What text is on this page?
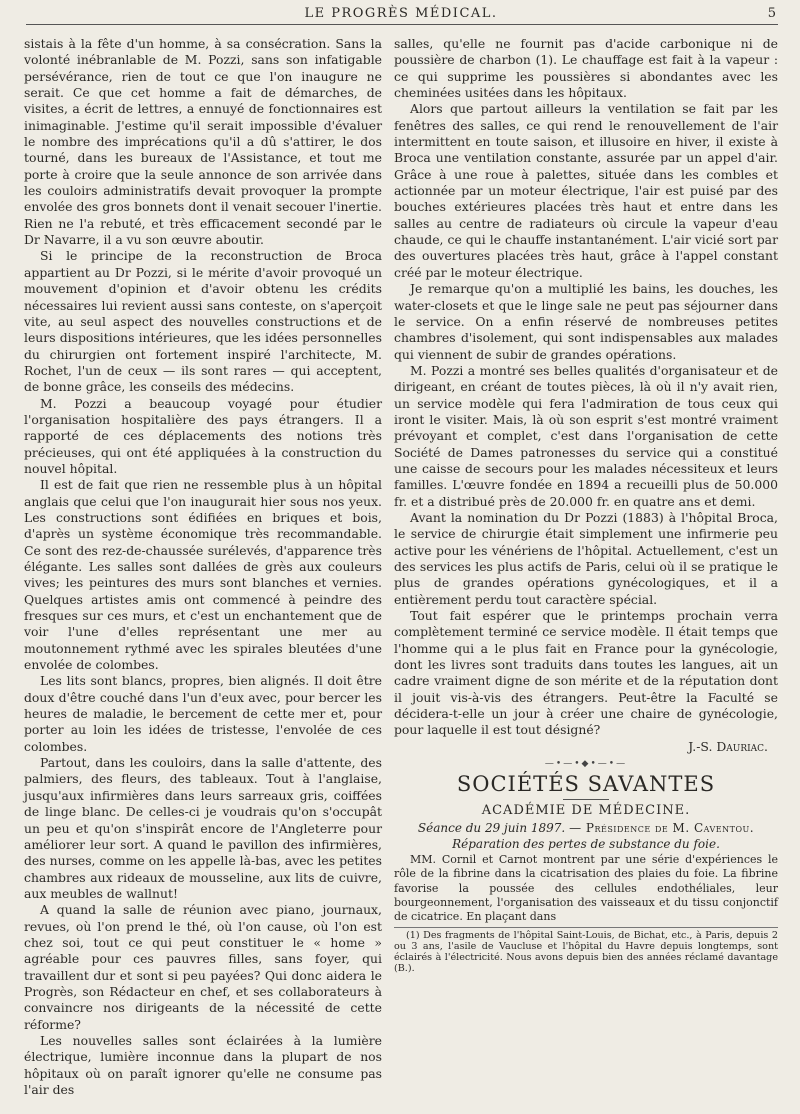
LE PROGRÈS MÉDICAL.	5

sistais à la fête d'un homme, à sa consécration. Sans la volonté inébranlable de M. Pozzi, sans son infatigable persévérance, rien de tout ce que l'on inaugure ne serait. Ce que cet homme a fait de démarches, de visites, a écrit de lettres, a ennuyé de fonctionnaires est inimaginable. J'estime qu'il serait impossible d'évaluer le nombre des imprécations qu'il a dû s'attirer, le dos tourné, dans les bureaux de l'Assistance, et tout me porte à croire que la seule annonce de son arrivée dans les couloirs administratifs devait provoquer la prompte envolée des gros bonnets dont il venait secouer l'inertie. Rien ne l'a rebuté, et très efficacement secondé par le Dr Navarre, il a vu son œuvre aboutir.

Si le principe de la reconstruction de Broca appartient au Dr Pozzi, si le mérite d'avoir provoqué un mouvement d'opinion et d'avoir obtenu les crédits nécessaires lui revient aussi sans conteste, on s'aperçoit vite, au seul aspect des nouvelles constructions et de leurs dispositions intérieures, que les idées personnelles du chirurgien ont fortement inspiré l'architecte, M. Rochet, l'un de ceux — ils sont rares — qui acceptent, de bonne grâce, les conseils des médecins.

M. Pozzi a beaucoup voyagé pour étudier l'organisation hospitalière des pays étrangers. Il a rapporté de ces déplacements des notions très précieuses, qui ont été appliquées à la construction du nouvel hôpital.

Il est de fait que rien ne ressemble plus à un hôpital anglais que celui que l'on inaugurait hier sous nos yeux. Les constructions sont édifiées en briques et bois, d'après un système économique très recommandable. Ce sont des rez-de-chaussée surélevés, d'apparence très élégante. Les salles sont dallées de grès aux couleurs vives; les peintures des murs sont blanches et vernies. Quelques artistes amis ont commencé à peindre des fresques sur ces murs, et c'est un enchantement que de voir l'une d'elles représentant une mer au moutonnement rythmé avec les spirales bleutées d'une envolée de colombes.

Les lits sont blancs, propres, bien alignés. Il doit être doux d'être couché dans l'un d'eux avec, pour bercer les heures de maladie, le bercement de cette mer et, pour porter au loin les idées de tristesse, l'envolée de ces colombes.

Partout, dans les couloirs, dans la salle d'attente, des palmiers, des fleurs, des tableaux. Tout à l'anglaise, jusqu'aux infirmières dans leurs sarreaux gris, coiffées de linge blanc. De celles-ci je voudrais qu'on s'occupât un peu et qu'on s'inspirât encore de l'Angleterre pour améliorer leur sort. A quand le pavillon des infirmières, des nurses, comme on les appelle là-bas, avec les petites chambres aux rideaux de mousseline, aux lits de cuivre, aux meubles de wallnut!

A quand la salle de réunion avec piano, journaux, revues, où l'on prend le thé, où l'on cause, où l'on est chez soi, tout ce qui peut constituer le « home » agréable pour ces pauvres filles, sans foyer, qui travaillent dur et sont si peu payées? Qui donc aidera le Progrès, son Rédacteur en chef, et ses collaborateurs à convaincre nos dirigeants de la nécessité de cette réforme?

Les nouvelles salles sont éclairées à la lumière électrique, lumière inconnue dans la plupart de nos hôpitaux où on paraît ignorer qu'elle ne consume pas l'air des

salles, qu'elle ne fournit pas d'acide carbonique ni de poussière de charbon (1). Le chauffage est fait à la vapeur : ce qui supprime les poussières si abondantes avec les cheminées usitées dans les hôpitaux.

Alors que partout ailleurs la ventilation se fait par les fenêtres des salles, ce qui rend le renouvellement de l'air intermittent en toute saison, et illusoire en hiver, il existe à Broca une ventilation constante, assurée par un appel d'air. Grâce à une roue à palettes, située dans les combles et actionnée par un moteur électrique, l'air est puisé par des bouches extérieures placées très haut et entre dans les salles au centre de radiateurs où circule la vapeur d'eau chaude, ce qui le chauffe instantanément. L'air vicié sort par des ouvertures placées très haut, grâce à l'appel constant créé par le moteur électrique.

Je remarque qu'on a multiplié les bains, les douches, les water-closets et que le linge sale ne peut pas séjourner dans le service. On a enfin réservé de nombreuses petites chambres d'isolement, qui sont indispensables aux malades qui viennent de subir de grandes opérations.

M. Pozzi a montré ses belles qualités d'organisateur et de dirigeant, en créant de toutes pièces, là où il n'y avait rien, un service modèle qui fera l'admiration de tous ceux qui iront le visiter. Mais, là où son esprit s'est montré vraiment prévoyant et complet, c'est dans l'organisation de cette Société de Dames patronesses du service qui a constitué une caisse de secours pour les malades nécessiteux et leurs familles. L'œuvre fondée en 1894 a recueilli plus de 50.000 fr. et a distribué près de 20.000 fr. en quatre ans et demi.

Avant la nomination du Dr Pozzi (1883) à l'hôpital Broca, le service de chirurgie était simplement une infirmerie peu active pour les vénériens de l'hôpital. Actuellement, c'est un des services les plus actifs de Paris, celui où il se pratique le plus de grandes opérations gynécologiques, et il a entièrement perdu tout caractère spécial.

Tout fait espérer que le printemps prochain verra complètement terminé ce service modèle. Il était temps que l'homme qui a le plus fait en France pour la gynécologie, dont les livres sont traduits dans toutes les langues, ait un cadre vraiment digne de son mérite et de la réputation dont il jouit vis-à-vis des étrangers. Peut-être la Faculté se décidera-t-elle un jour à créer une chaire de gynécologie, pour laquelle il est tout désigné?

J.-S. Dauriac.
—•—•◆•—•—
SOCIÉTÉS SAVANTES
ACADÉMIE DE MÉDECINE.
Séance du 29 juin 1897. — Présidence de M. Caventou.
Réparation des pertes de substance du foie.

MM. Cornil et Carnot montrent par une série d'expériences le rôle de la fibrine dans la cicatrisation des plaies du foie. La fibrine favorise la poussée des cellules endothéliales, leur bourgeonnement, l'organisation des vaisseaux et du tissu conjonctif de cicatrice. En plaçant dans

(1) Des fragments de l'hôpital Saint-Louis, de Bichat, etc., à Paris, depuis 2 ou 3 ans, l'asile de Vaucluse et l'hôpital du Havre depuis longtemps, sont éclairés à l'électricité. Nous avons depuis bien des années réclamé davantage (B.).
